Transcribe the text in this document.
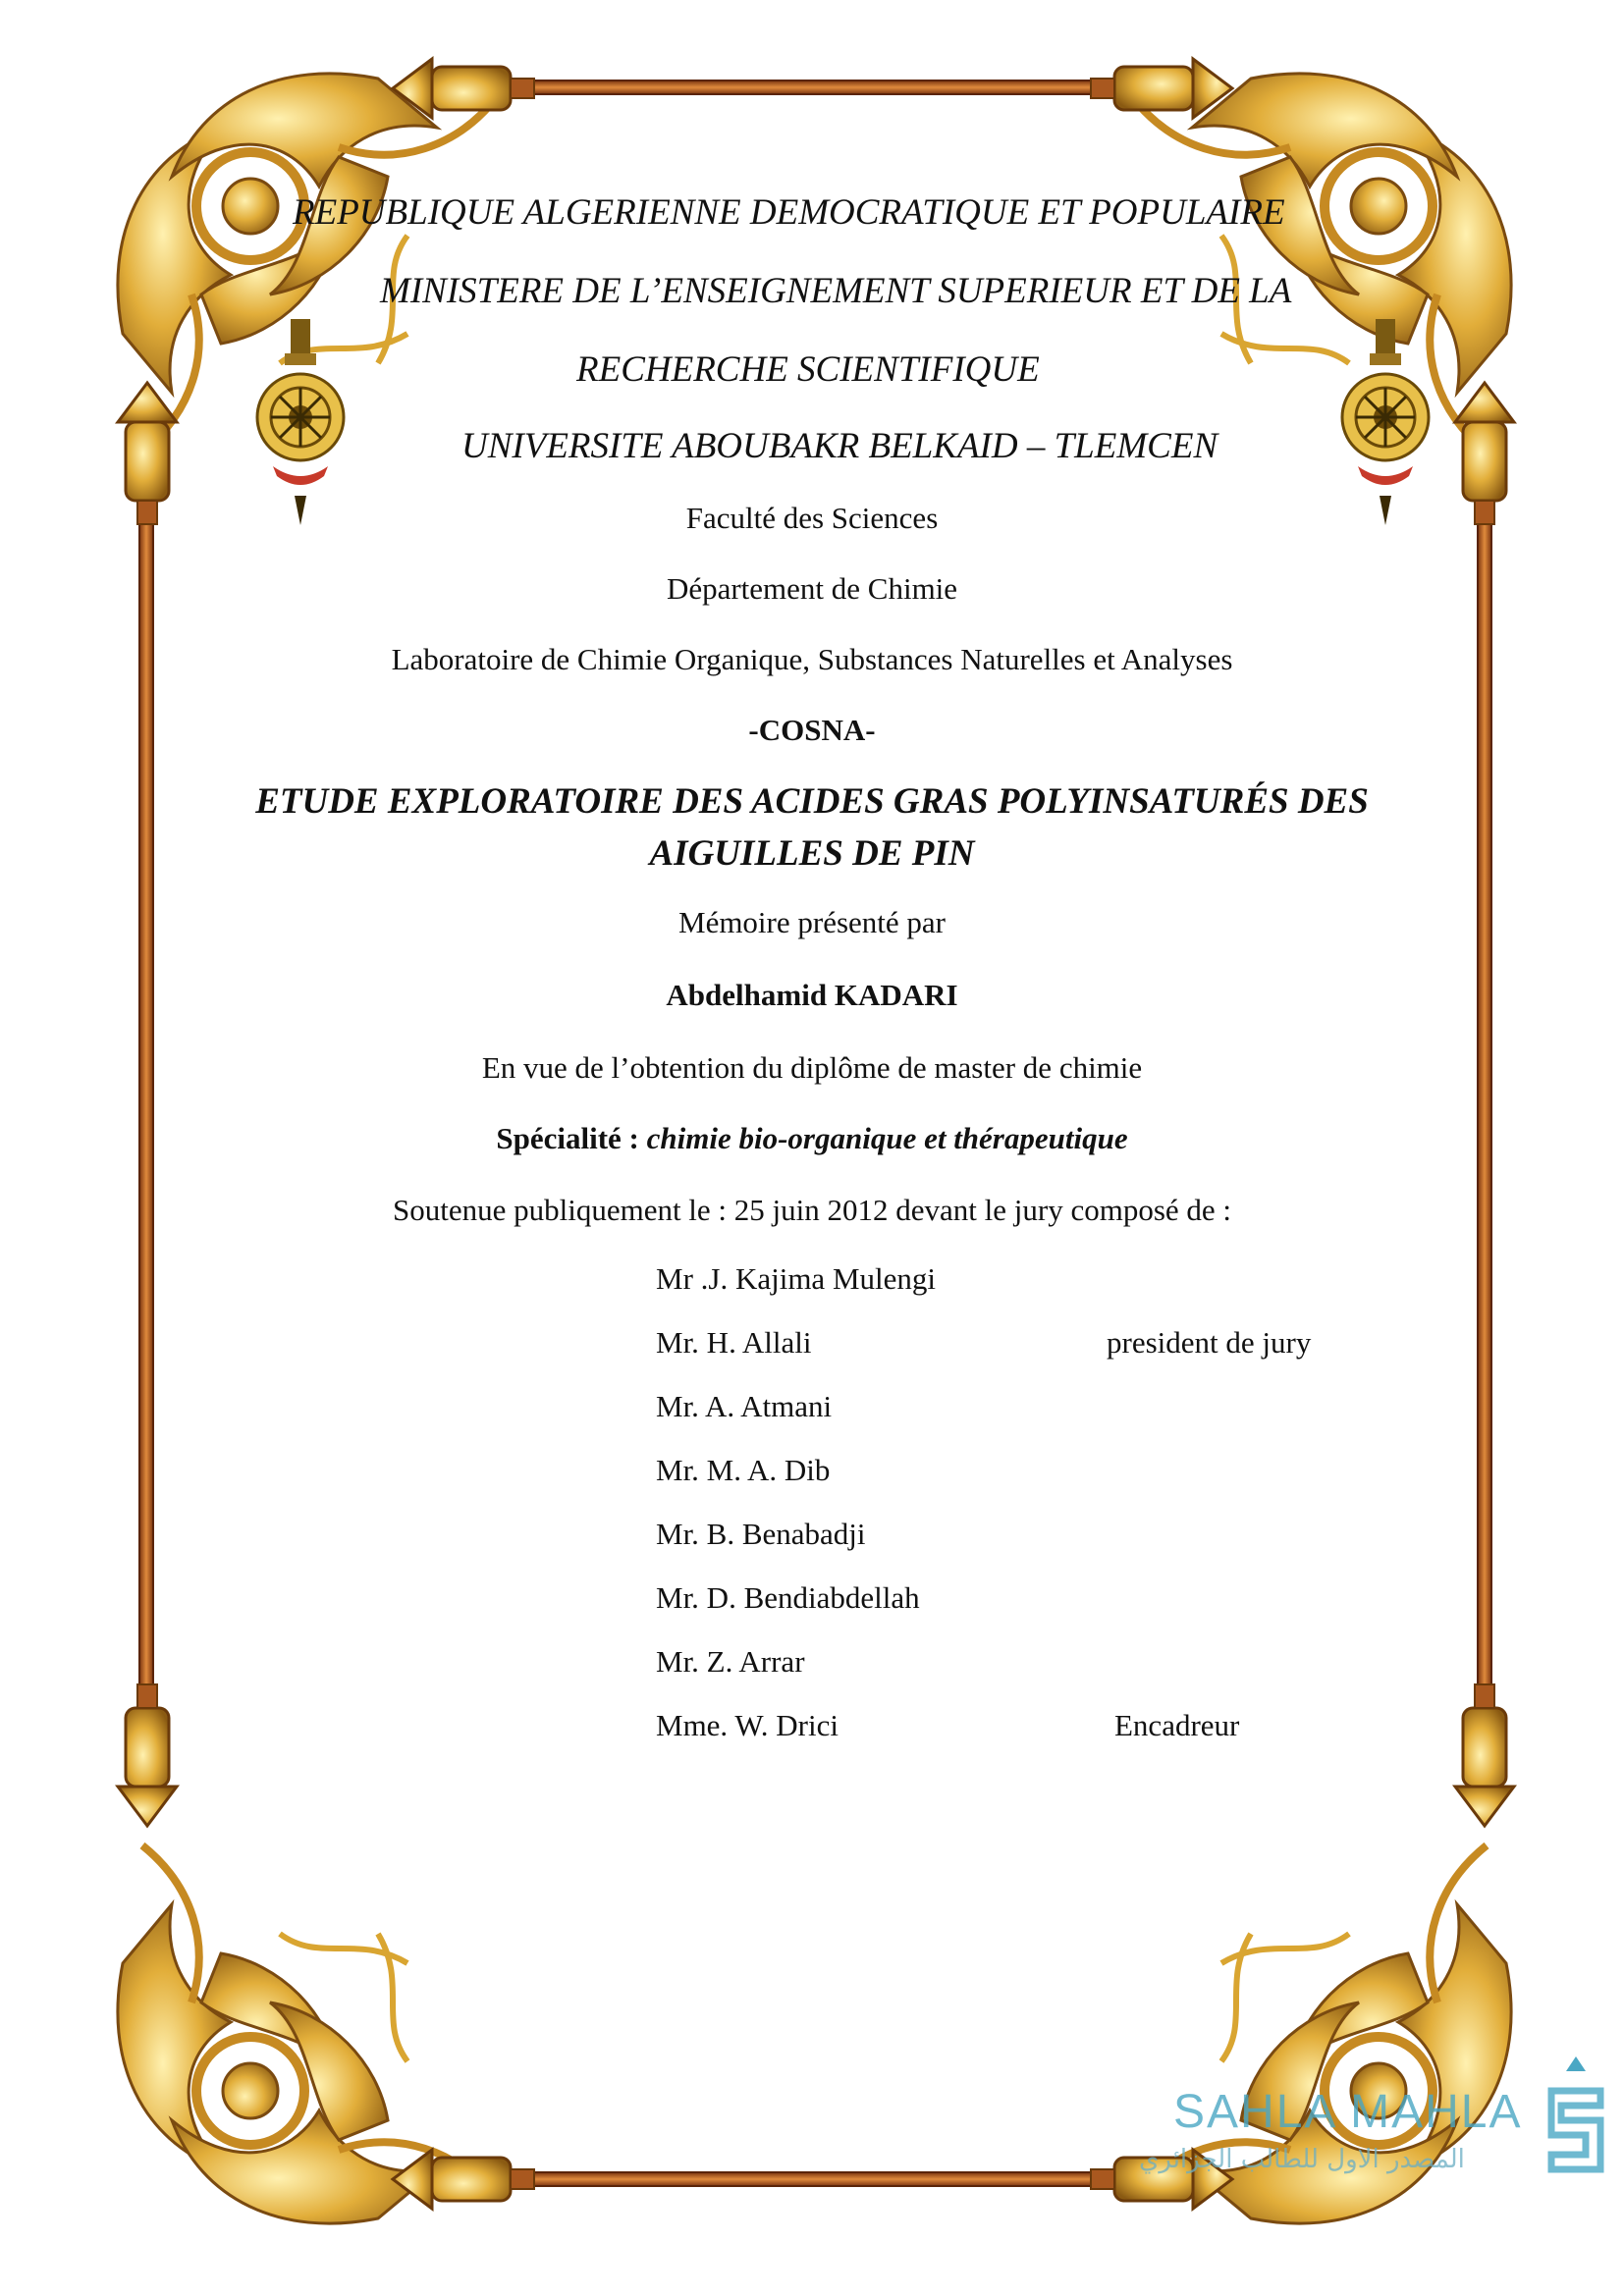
REPUBLIQUE ALGERIENNE DEMOCRATIQUE ET POPULAIRE
MINISTERE DE L’ENSEIGNEMENT SUPERIEUR ET DE LA
RECHERCHE SCIENTIFIQUE
UNIVERSITE ABOUBAKR BELKAID – TLEMCEN
Faculté des Sciences
Département de Chimie
Laboratoire de Chimie Organique, Substances Naturelles et Analyses
-COSNA-
ETUDE EXPLORATOIRE DES ACIDES GRAS POLYINSATURÉS DES
AIGUILLES DE PIN
Mémoire présenté par
Abdelhamid KADARI
En vue de l’obtention du diplôme de master de chimie
Spécialité : chimie bio-organique et thérapeutique
Soutenue publiquement le : 25 juin 2012 devant le jury composé de :
Mr .J. Kajima Mulengi
Mr. H. Allali	president de jury
Mr. A. Atmani
Mr. M. A. Dib
Mr. B. Benabadji
Mr. D. Bendiabdellah
Mr. Z. Arrar
Mme. W. Drici	Encadreur
SAHLA MAHLA
المصدر الاول للطالب الجزائري
